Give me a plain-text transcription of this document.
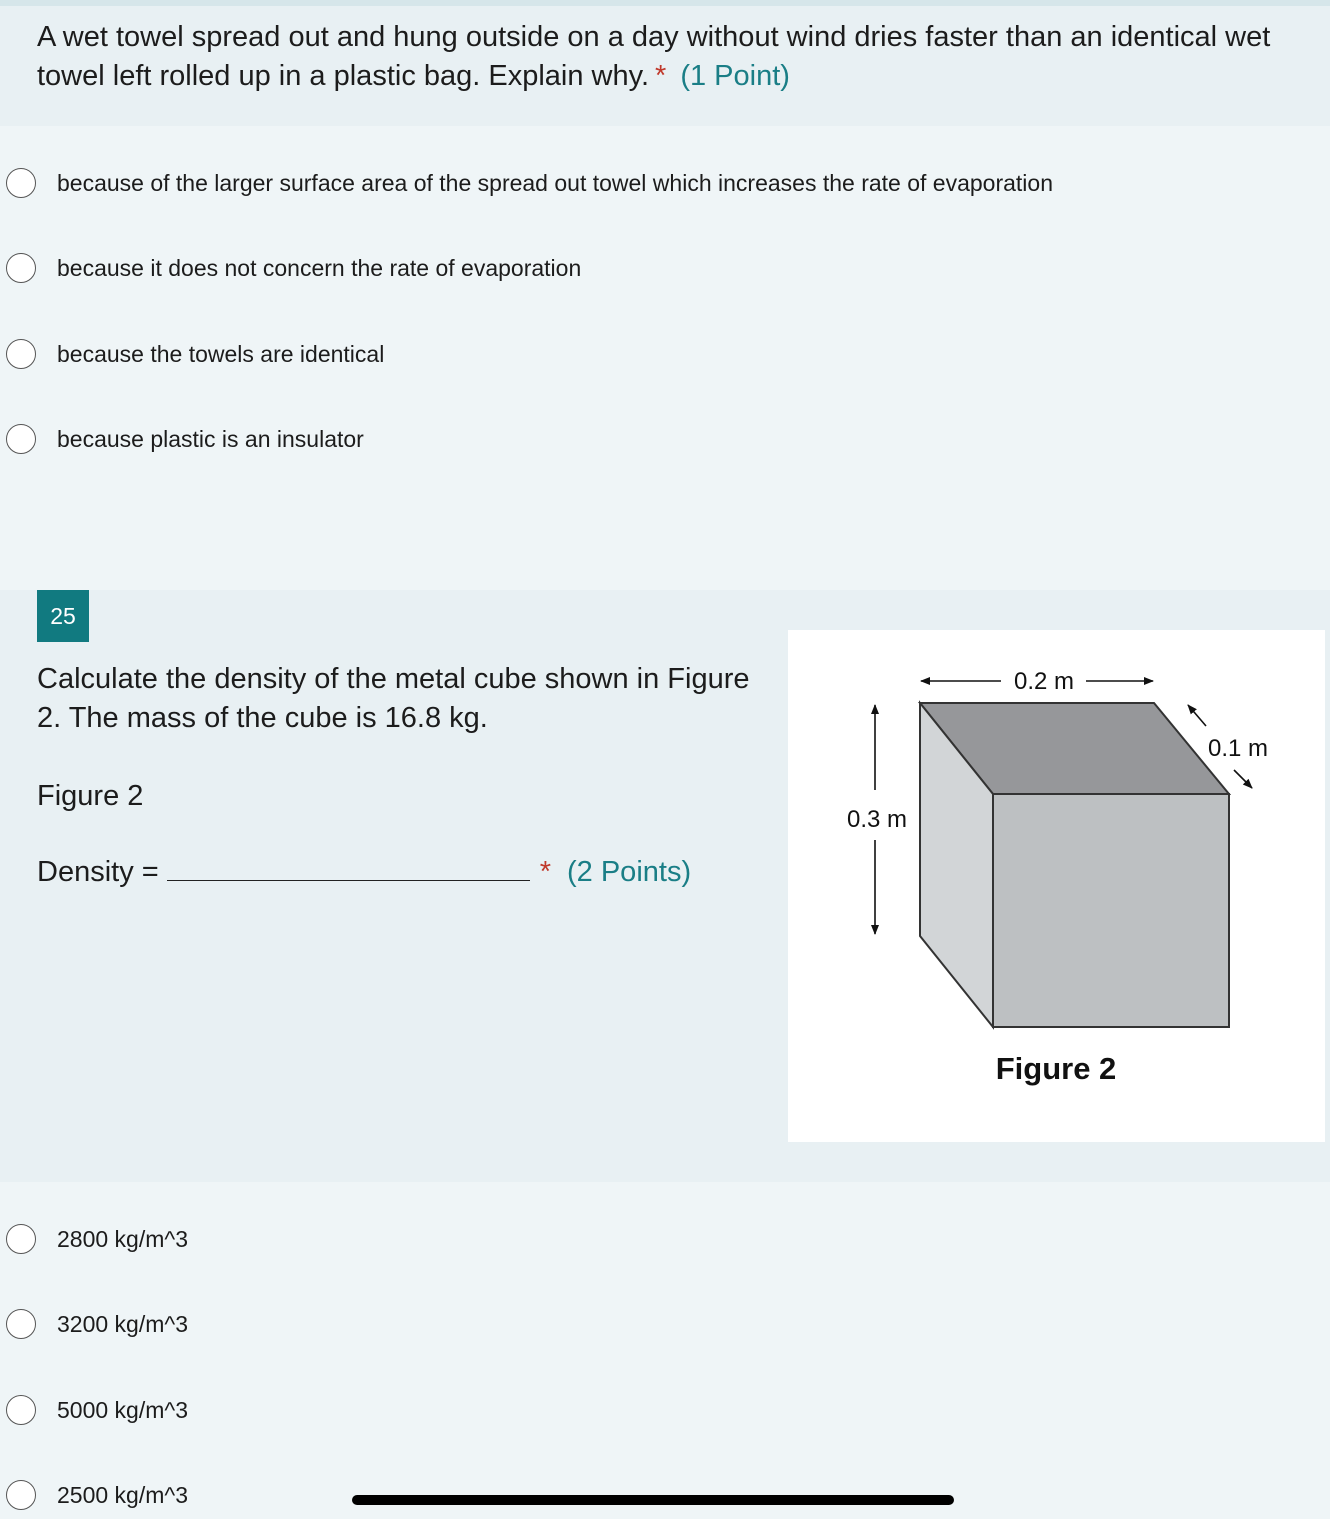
A wet towel spread out and hung outside on a day without wind dries faster than an identical wet towel left rolled up in a plastic bag. Explain why. * (1 Point)

because of the larger surface area of the spread out towel which increases the rate of evaporation
because it does not concern the rate of evaporation
because the towels are identical
because plastic is an insulator
25

Calculate the density of the metal cube shown in Figure 2. The mass of the cube is 16.8 kg.

Figure 2
Density =	* (2 Points)
0.2 m
0.3 m
0.1 m
Figure 2
2800 kg/m^3
3200 kg/m^3
5000 kg/m^3
2500 kg/m^3
